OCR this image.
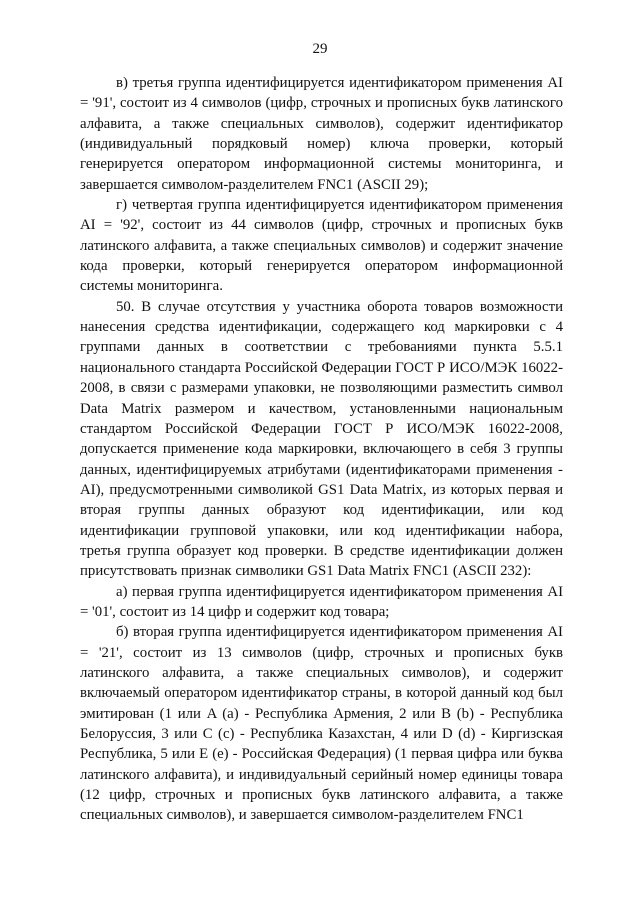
29

в) третья группа идентифицируется идентификатором применения AI = '91', состоит из 4 символов (цифр, строчных и прописных букв латинского алфавита, а также специальных символов), содержит идентификатор (индивидуальный порядковый номер) ключа проверки, который генерируется оператором информационной системы мониторинга, и завершается символом-разделителем FNC1 (ASCII 29);

г) четвертая группа идентифицируется идентификатором применения AI = '92', состоит из 44 символов (цифр, строчных и прописных букв латинского алфавита, а также специальных символов) и содержит значение кода проверки, который генерируется оператором информационной системы мониторинга.

50. В случае отсутствия у участника оборота товаров возможности нанесения средства идентификации, содержащего код маркировки с 4 группами данных в соответствии с требованиями пункта 5.5.1 национального стандарта Российской Федерации ГОСТ Р ИСО/МЭК 16022-2008, в связи с размерами упаковки, не позволяющими разместить символ Data Matrix размером и качеством, установленными национальным стандартом Российской Федерации ГОСТ Р ИСО/МЭК 16022-2008, допускается применение кода маркировки, включающего в себя 3 группы данных, идентифицируемых атрибутами (идентификаторами применения - AI), предусмотренными символикой GS1 Data Matrix, из которых первая и вторая группы данных образуют код идентификации, или код идентификации групповой упаковки, или код идентификации набора, третья группа образует код проверки. В средстве идентификации должен присутствовать признак символики GS1 Data Matrix FNC1 (ASCII 232):

а) первая группа идентифицируется идентификатором применения AI = '01', состоит из 14 цифр и содержит код товара;

б) вторая группа идентифицируется идентификатором применения AI = '21', состоит из 13 символов (цифр, строчных и прописных букв латинского алфавита, а также специальных символов), и содержит включаемый оператором идентификатор страны, в которой данный код был эмитирован (1 или A (a) - Республика Армения, 2 или B (b) - Республика Белоруссия, 3 или C (c) - Республика Казахстан, 4 или D (d) - Киргизская Республика, 5 или E (e) - Российская Федерация) (1 первая цифра или буква латинского алфавита), и индивидуальный серийный номер единицы товара (12 цифр, строчных и прописных букв латинского алфавита, а также специальных символов), и завершается символом-разделителем FNC1
